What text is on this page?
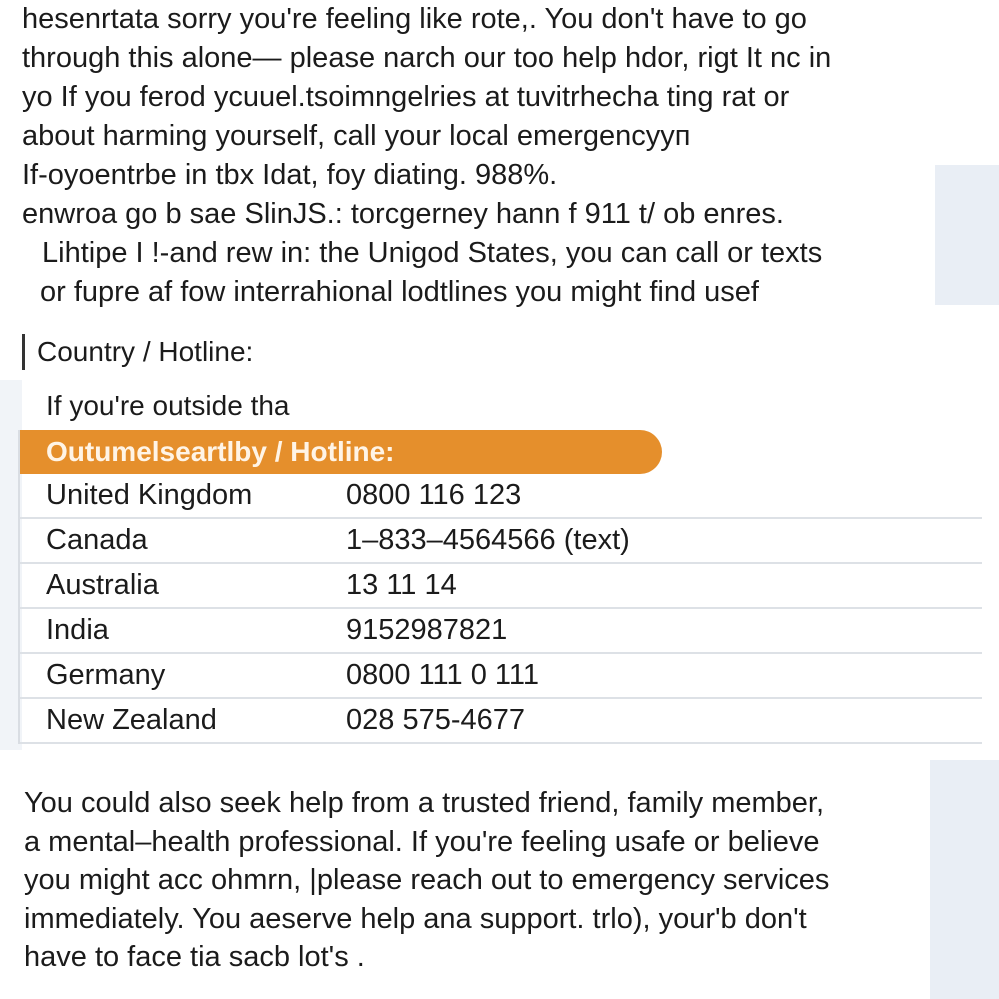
hesenrtata sorry you're feeling like rote,. You don't have to go
through this alone— please narch our too help hdor, rigt It nc in
yo If you ferod ycuuel.tsoimngelries at tuvitrhecha ting rat or
about harming yourself, call your local emergencyyп
If-oyoentrbe in tbx Idat, foy diating. 988%.
enwroa go b sae SlinJS.: torcgerney hann f 911 t/ ob enres.
Lihtipe I !-and rew in: the Unigod States, you can call or texts
or fupre af fow interrahional lodtlines you might find usef
Country / Hotline:
If you're outside tha
Outumelseartlby / Hotline:
United Kingdom	0800 116 123
Canada	1–833–4564566 (text)
Australia	13 11 14
India	9152987821
Germany	0800 111 0 111
New Zealand	028 575-4677
You could also seek help from a trusted friend, family member,
a mental–health professional. If you're feeling usafe or believe
you might acc ohmrn, |please reach out to emergency services
immediately. You aeserve help ana support. trlo), your'b don't
have to face tia sacb lot's .
